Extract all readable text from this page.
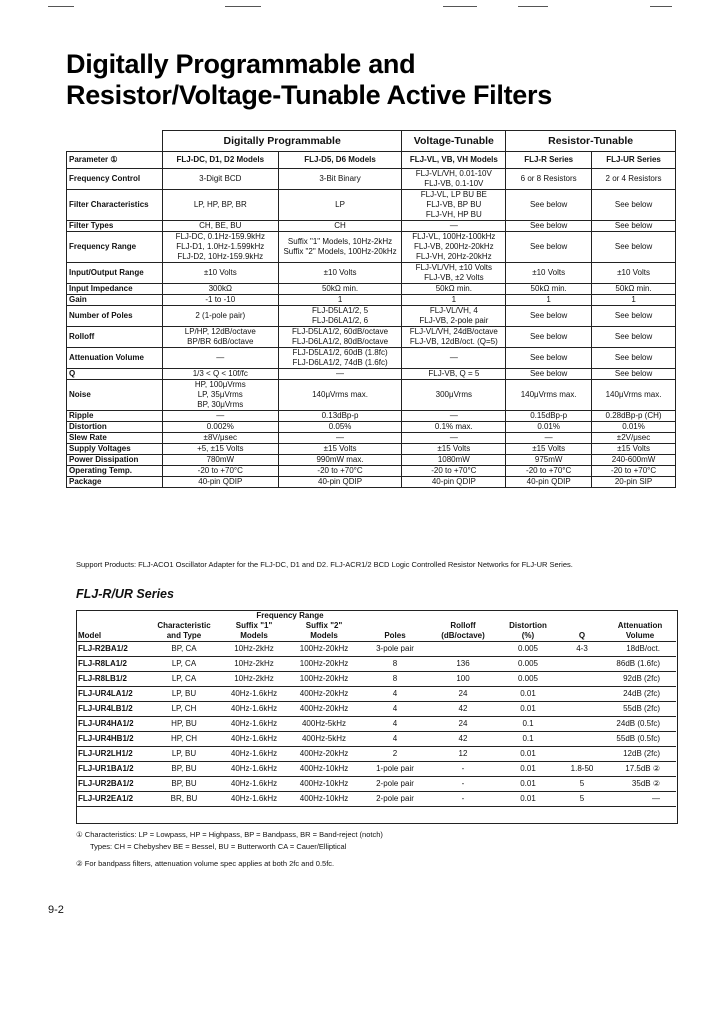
Digitally Programmable and
Resistor/Voltage-Tunable Active Filters
	Digitally Programmable		Voltage-Tunable	Resistor-Tunable	
Parameter ①	FLJ-DC, D1, D2 Models	FLJ-D5, D6 Models	FLJ-VL, VB, VH Models	FLJ-R Series	FLJ-UR Series
Frequency Control	3-Digit BCD	3-Bit Binary	FLJ-VL/VH, 0.01-10V
FLJ-VB, 0.1-10V	6 or 8 Resistors	2 or 4 Resistors

Filter Characteristics	LP, HP, BP, BR	LP	FLJ-VL, LP BU BE
FLJ-VB, BP BU
FLJ-VH, HP BU	See below	See below

Filter Types	CH, BE, BU	CH	—	See below	See below

Frequency Range	FLJ-DC, 0.1Hz-159.9kHz
FLJ-D1, 1.0Hz-1.599kHz
FLJ-D2, 10Hz-159.9kHz	Suffix "1" Models, 10Hz-2kHz
Suffix "2" Models, 100Hz-20kHz	FLJ-VL, 100Hz-100kHz
FLJ-VB, 200Hz-20kHz
FLJ-VH, 20Hz-20kHz	See below	See below

Input/Output Range	±10 Volts	±10 Volts	FLJ-VL/VH, ±10 Volts
FLJ-VB, ±2 Volts	±10 Volts	±10 Volts

Input Impedance	300kΩ	50kΩ min.	50kΩ min.	50kΩ min.	50kΩ min.

Gain	-1 to -10	1	1	1	1

Number of Poles	2 (1-pole pair)	FLJ-D5LA1/2, 5
FLJ-D6LA1/2, 6	FLJ-VL/VH, 4
FLJ-VB, 2-pole pair	See below	See below

Rolloff	LP/HP, 12dB/octave
BP/BR 6dB/octave	FLJ-D5LA1/2, 60dB/octave
FLJ-D6LA1/2, 80dB/octave	FLJ-VL/VH, 24dB/octave
FLJ-VB, 12dB/oct. (Q=5)	See below	See below

Attenuation Volume	—	FLJ-D5LA1/2, 60dB (1.8fc)
FLJ-D6LA1/2, 74dB (1.6fc)	—	See below	See below

Q	1/3 < Q < 10f/fc	—	FLJ-VB, Q = 5	See below	See below

Noise	HP, 100μVrms
LP, 35μVrms
BP, 30μVrms	140μVrms max.	300μVrms	140μVrms max.	140μVrms max.

Ripple	—	0.13dBp-p	—	0.15dBp-p	0.28dBp-p (CH)

Distortion	0.002%	0.05%	0.1% max.	0.01%	0.01%

Slew Rate	±8V/μsec	—	—	—	±2V/μsec

Supply Voltages	+5, ±15 Volts	±15 Volts	±15 Volts	±15 Volts	±15 Volts

Power Dissipation	780mW	990mW max.	1080mW	975mW	240-600mW

Operating Temp.	-20 to +70°C	-20 to +70°C	-20 to +70°C	-20 to +70°C	-20 to +70°C

Package	40-pin QDIP	40-pin QDIP	40-pin QDIP	40-pin QDIP	20-pin SIP

Support Products: FLJ-ACO1 Oscillator Adapter for the FLJ-DC, D1 and D2. FLJ-ACR1/2 BCD Logic Controlled Resistor Networks for FLJ-UR Series.

FLJ-R/UR Series
		Frequency Range						
	Characteristic	Suffix "1"	Suffix "2"		Rolloff	Distortion		Attenuation
Model	and Type	Models	Models	Poles	(dB/octave)	(%)	Q	Volume
FLJ-R2BA1/2	BP, CA	10Hz-2kHz	100Hz-20kHz	3-pole pair		0.005	4-3	18dB/oct.
FLJ-R8LA1/2	LP, CA	10Hz-2kHz	100Hz-20kHz	8	136	0.005		86dB (1.6fc)
FLJ-R8LB1/2	LP, CA	10Hz-2kHz	100Hz-20kHz	8	100	0.005		92dB (2fc)
FLJ-UR4LA1/2	LP, BU	40Hz-1.6kHz	400Hz-20kHz	4	24	0.01		24dB (2fc)
FLJ-UR4LB1/2	LP, CH	40Hz-1.6kHz	400Hz-20kHz	4	42	0.01		55dB (2fc)
FLJ-UR4HA1/2	HP, BU	40Hz-1.6kHz	400Hz-5kHz	4	24	0.1		24dB (0.5fc)
FLJ-UR4HB1/2	HP, CH	40Hz-1.6kHz	400Hz-5kHz	4	42	0.1		55dB (0.5fc)
FLJ-UR2LH1/2	LP, BU	40Hz-1.6kHz	400Hz-20kHz	2	12	0.01		12dB (2fc)
FLJ-UR1BA1/2	BP, BU	40Hz-1.6kHz	400Hz-10kHz	1-pole pair	-	0.01	1.8-50	17.5dB ②
FLJ-UR2BA1/2	BP, BU	40Hz-1.6kHz	400Hz-10kHz	2-pole pair	-	0.01	5	35dB ②
FLJ-UR2EA1/2	BR, BU	40Hz-1.6kHz	400Hz-10kHz	2-pole pair	-	0.01	5	—

① Characteristics: LP = Lowpass, HP = Highpass, BP = Bandpass, BR = Band-reject (notch)

Types: CH = Chebyshev BE = Bessel, BU = Butterworth CA = Cauer/Elliptical

② For bandpass filters, attenuation volume spec applies at both 2fc and 0.5fc.

9-2
